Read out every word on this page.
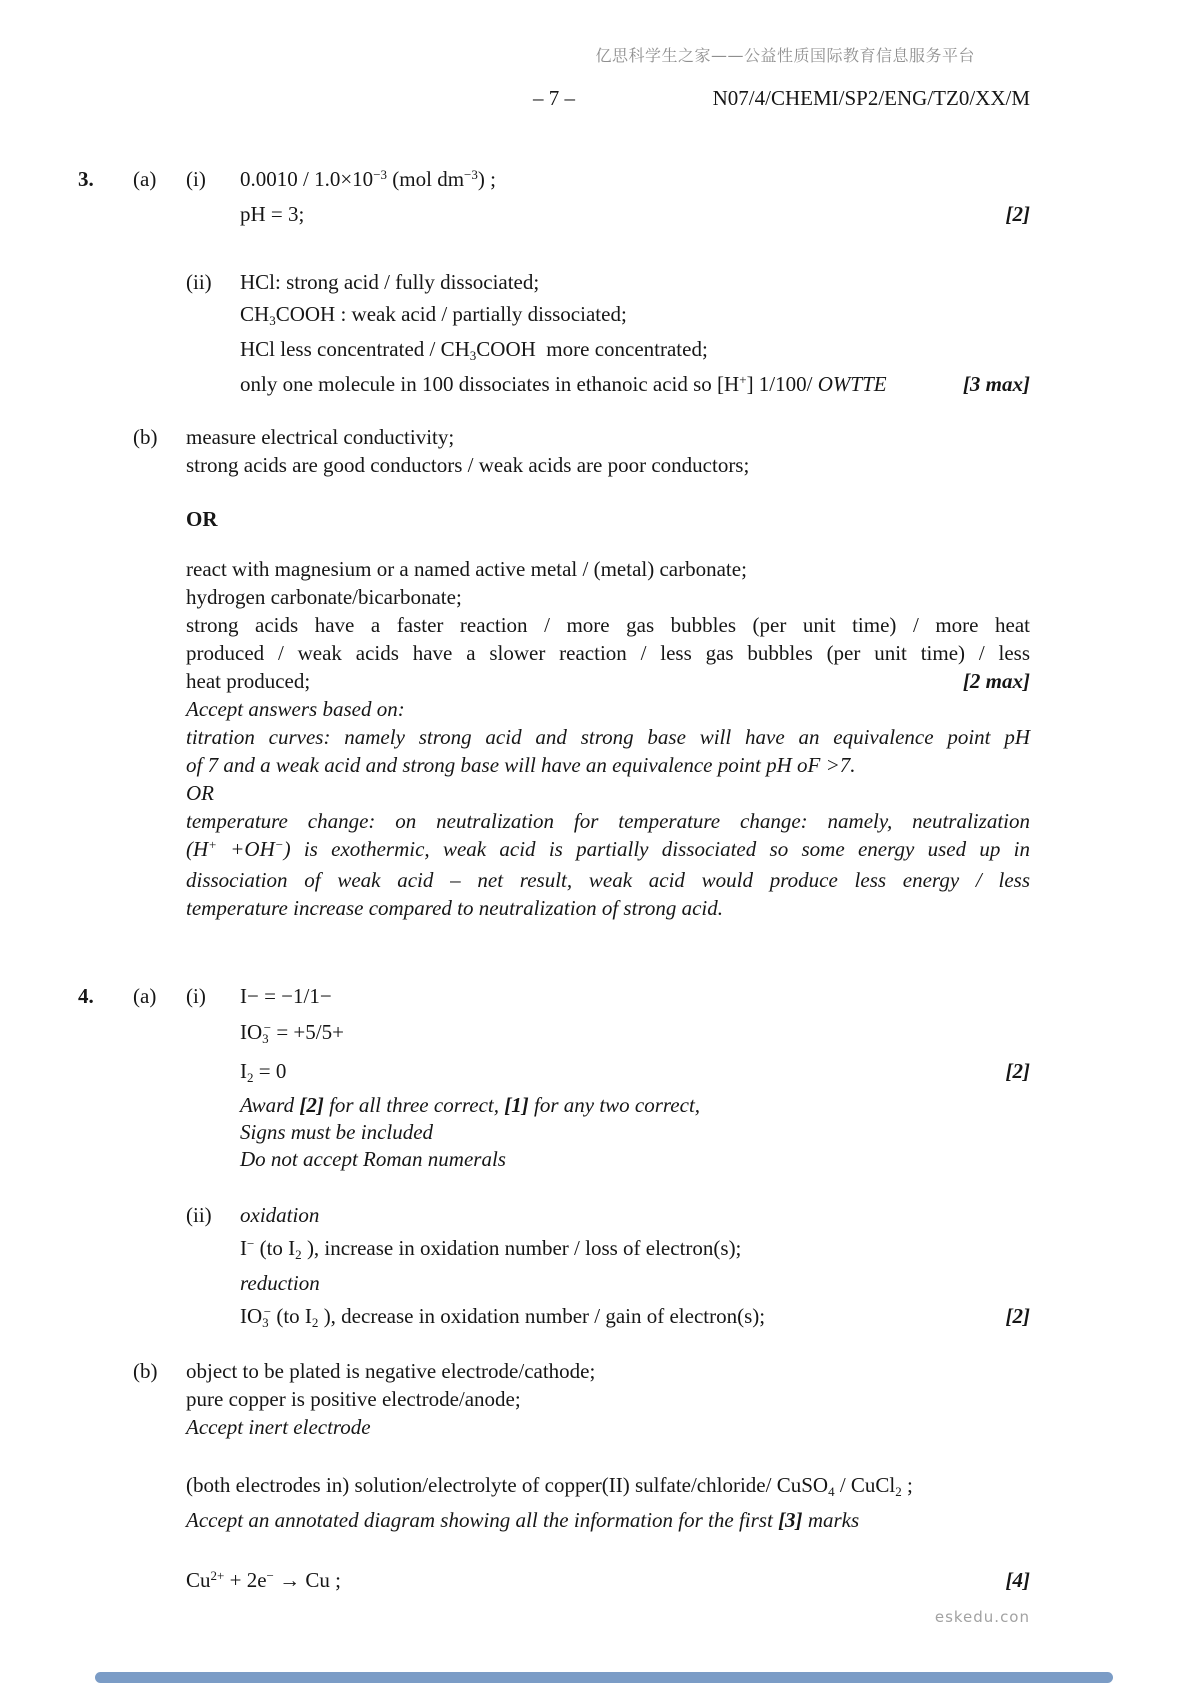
亿思科学生之家——公益性质国际教育信息服务平台
– 7 –	N07/4/CHEMI/SP2/ENG/TZ0/XX/M
3.	(a)	(i)	$0.0010 / 1.0\times 10^{-3}$ (mol $dm^{-3}$) ;
pH = 3;	[2]
(ii)	HCl: strong acid / fully dissociated;
CH3COOH : weak acid / partially dissociated;
HCl less concentrated / CH3COOH  more concentrated;
only one molecule in 100 dissociates in ethanoic acid so [H+] 1/100/ OWTTE	[3 max]
(b)	measure electrical conductivity;
strong acids are good conductors / weak acids are poor conductors;
OR
react with magnesium or a named active metal / (metal) carbonate;
hydrogen carbonate/bicarbonate;
strong acids have a faster reaction / more gas bubbles (per unit time) / more heat
produced / weak acids have a slower reaction / less gas bubbles (per unit time) / less
heat produced;	[2 max]
Accept answers based on:
titration curves: namely strong acid and strong base will have an equivalence point pH
of 7 and a weak acid and strong base will have an equivalence point pH oF >7.
OR
temperature change: on neutralization for temperature change: namely, neutralization
(H+ +OH−) is exothermic, weak acid is partially dissociated so some energy used up in
dissociation of weak acid – net result, weak acid would produce less energy / less
temperature increase compared to neutralization of strong acid.
4.	(a)	(i)	I− = −1/1−
IO3− = +5/5+
I2 = 0	[2]
Award [2] for all three correct, [1] for any two correct,
Signs must be included
Do not accept Roman numerals
(ii)	oxidation
I− (to I2 ), increase in oxidation number / loss of electron(s);
reduction
IO3− (to I2 ), decrease in oxidation number / gain of electron(s);	[2]
(b)	object to be plated is negative electrode/cathode;
pure copper is positive electrode/anode;
Accept inert electrode
(both electrodes in) solution/electrolyte of copper(II) sulfate/chloride/ CuSO4 / CuCl2 ;
Accept an annotated diagram showing all the information for the first [3] marks
$Cu^{2+} + 2e^- \to Cu$ ;	[4]
eskedu.con
